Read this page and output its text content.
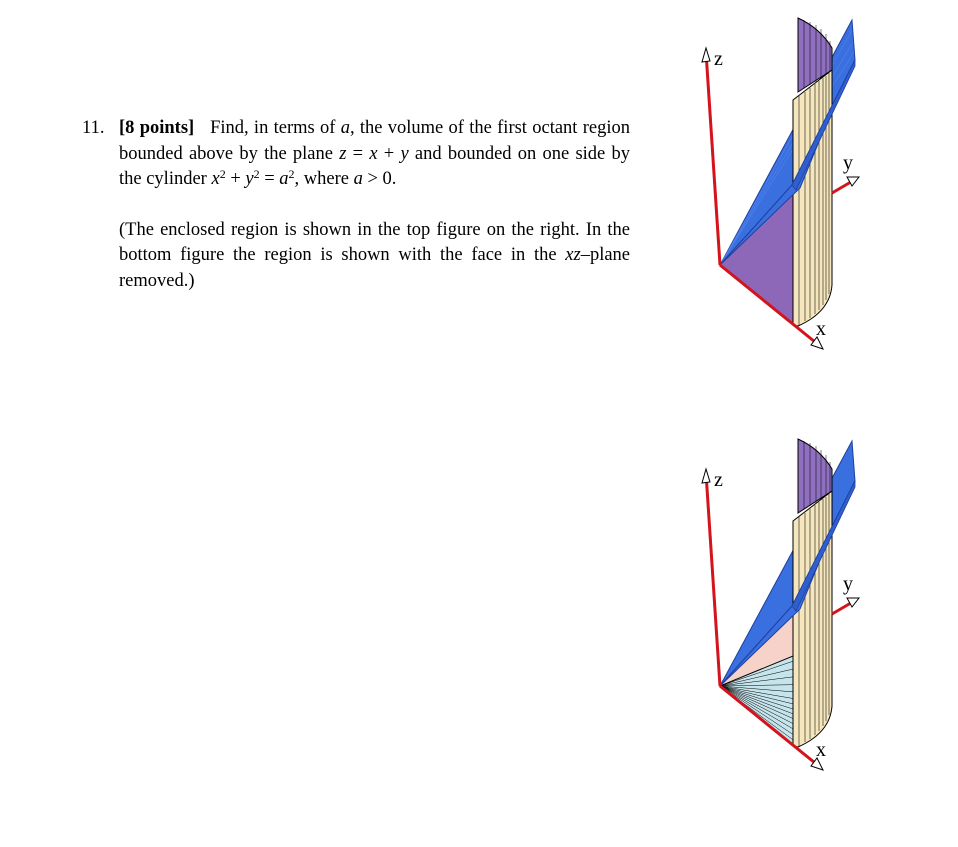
11. [8 points] Find, in terms of a, the volume of the first octant region bounded above by the plane z = x + y and bounded on one side by the cylinder $x^2 + y^2 = a^2$, where a > 0.

(The enclosed region is shown in the top figure on the right. In the bottom figure the region is shown with the face in the xz–plane removed.)

z
y
x
z
y
x
